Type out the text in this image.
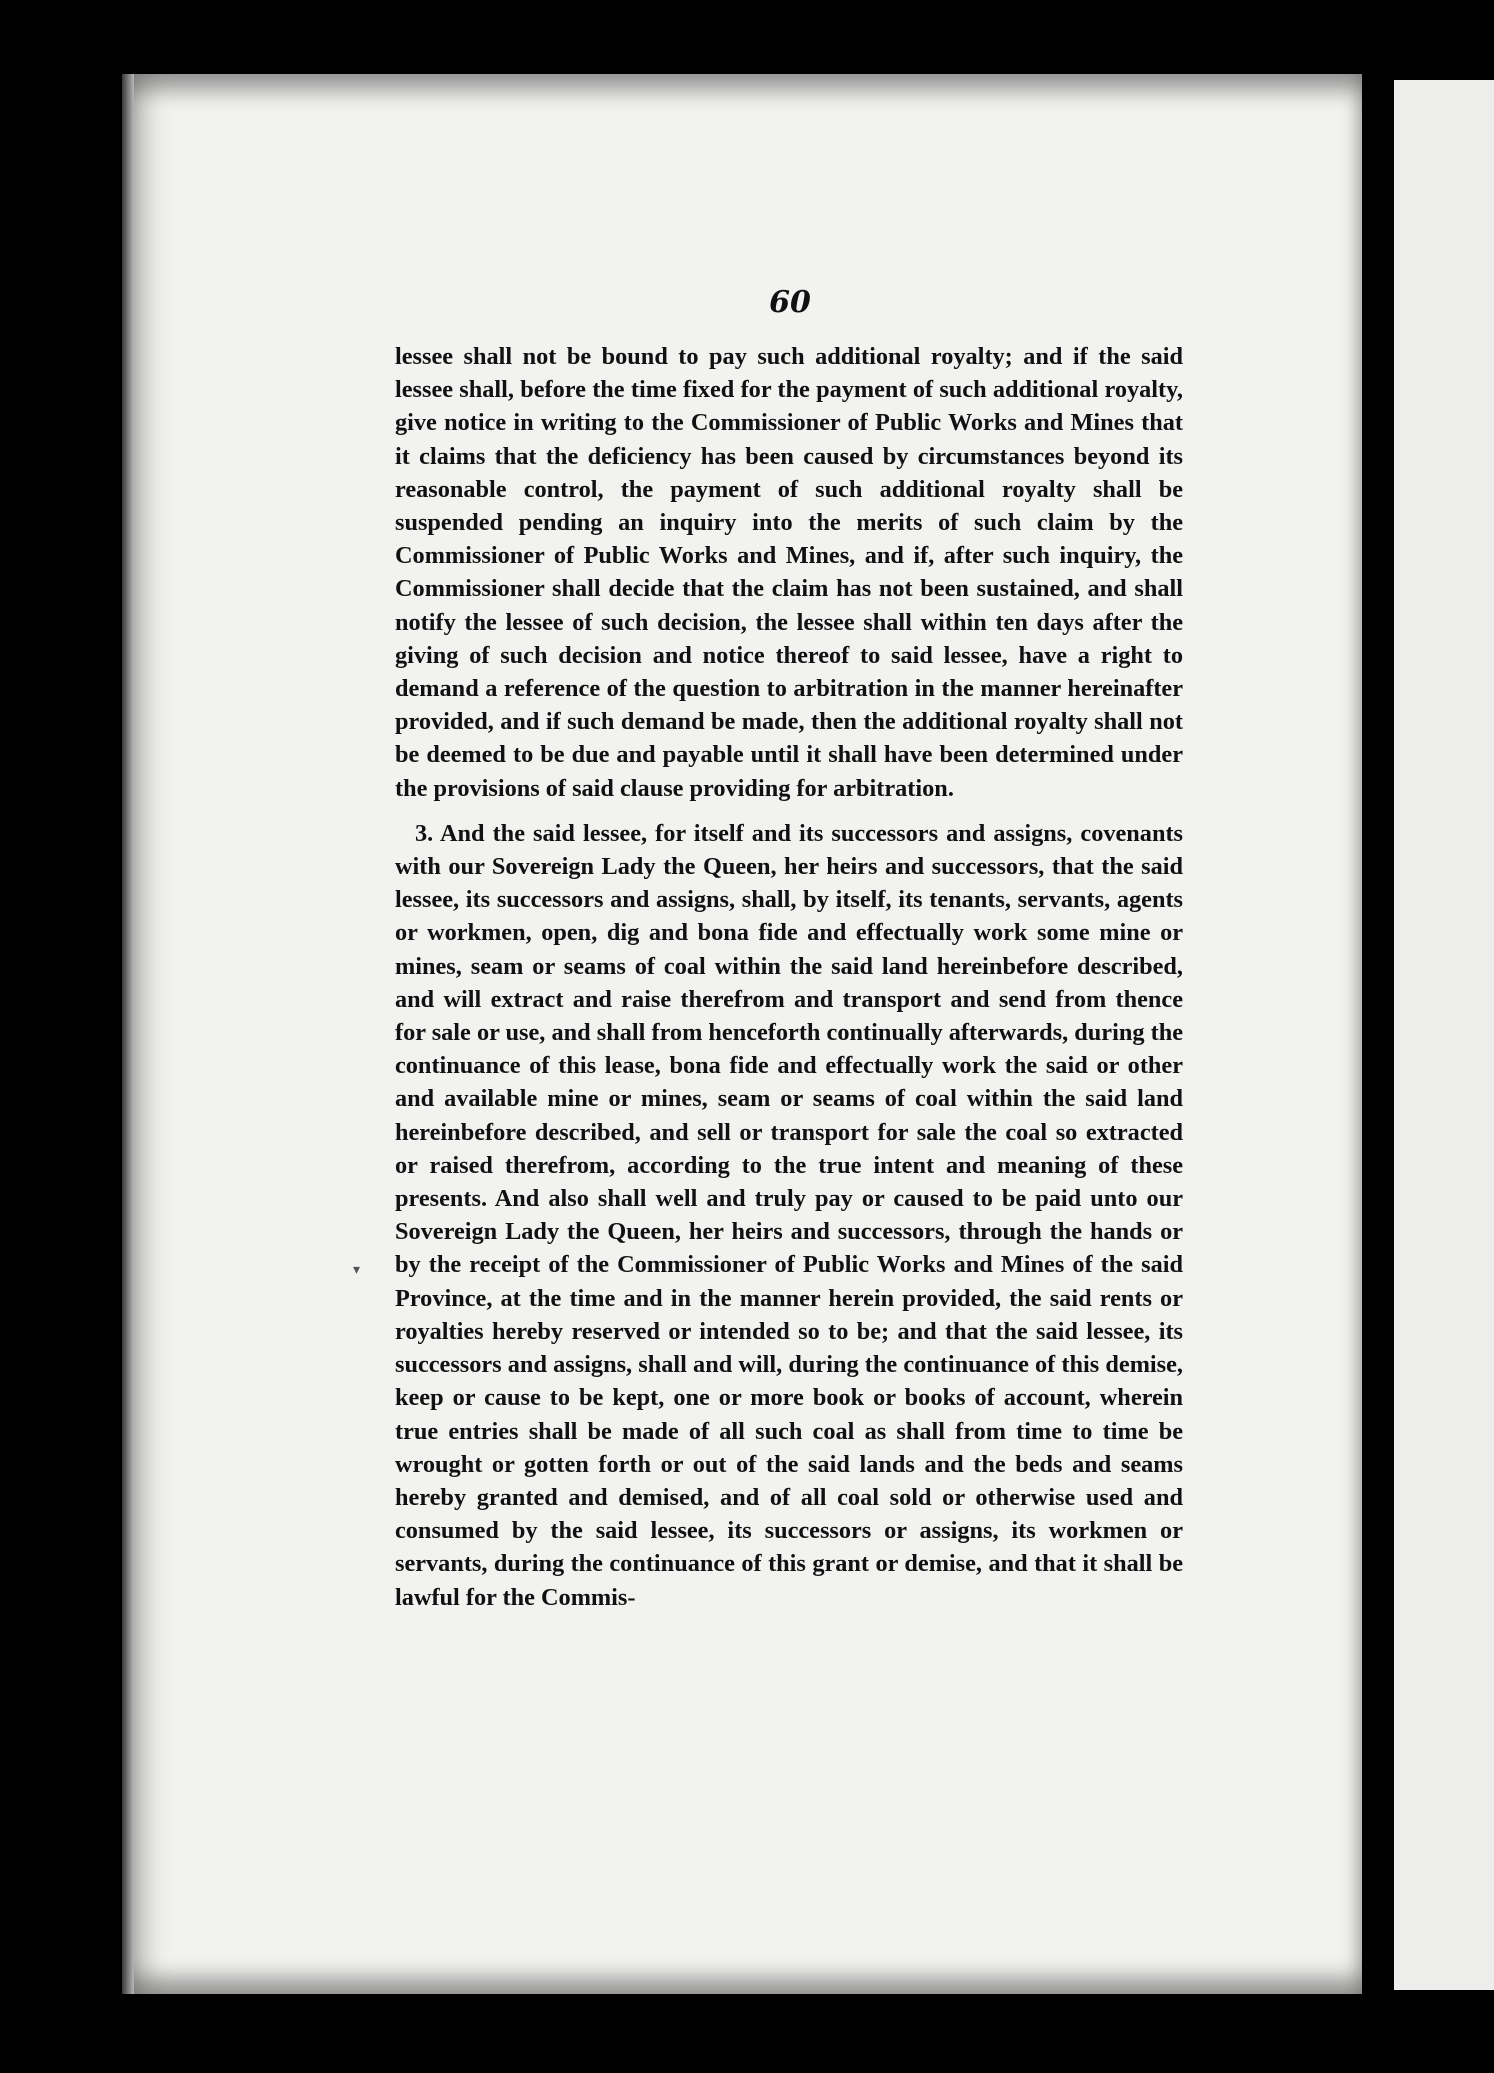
60

lessee shall not be bound to pay such additional royalty; and if the said lessee shall, before the time fixed for the payment of such additional royalty, give notice in writing to the Commissioner of Public Works and Mines that it claims that the deficiency has been caused by circumstances beyond its reasonable control, the payment of such additional royalty shall be suspended pending an inquiry into the merits of such claim by the Commissioner of Public Works and Mines, and if, after such inquiry, the Commissioner shall decide that the claim has not been sustained, and shall notify the lessee of such decision, the lessee shall within ten days after the giving of such decision and notice thereof to said lessee, have a right to demand a reference of the question to arbitration in the manner hereinafter provided, and if such demand be made, then the additional royalty shall not be deemed to be due and payable until it shall have been determined under the provisions of said clause providing for arbitration.

3. And the said lessee, for itself and its successors and assigns, covenants with our Sovereign Lady the Queen, her heirs and successors, that the said lessee, its successors and assigns, shall, by itself, its tenants, servants, agents or workmen, open, dig and bona fide and effectually work some mine or mines, seam or seams of coal within the said land hereinbefore described, and will extract and raise therefrom and transport and send from thence for sale or use, and shall from henceforth continually afterwards, during the continuance of this lease, bona fide and effectually work the said or other and available mine or mines, seam or seams of coal within the said land hereinbefore described, and sell or transport for sale the coal so extracted or raised therefrom, according to the true intent and meaning of these presents. And also shall well and truly pay or caused to be paid unto our Sovereign Lady the Queen, her heirs and successors, through the hands or by the receipt of the Commissioner of Public Works and Mines of the said Province, at the time and in the manner herein provided, the said rents or royalties hereby reserved or intended so to be; and that the said lessee, its successors and assigns, shall and will, during the continuance of this demise, keep or cause to be kept, one or more book or books of account, wherein true entries shall be made of all such coal as shall from time to time be wrought or gotten forth or out of the said lands and the beds and seams hereby granted and demised, and of all coal sold or otherwise used and consumed by the said lessee, its successors or assigns, its workmen or servants, during the continuance of this grant or demise, and that it shall be lawful for the Commis-

▾
